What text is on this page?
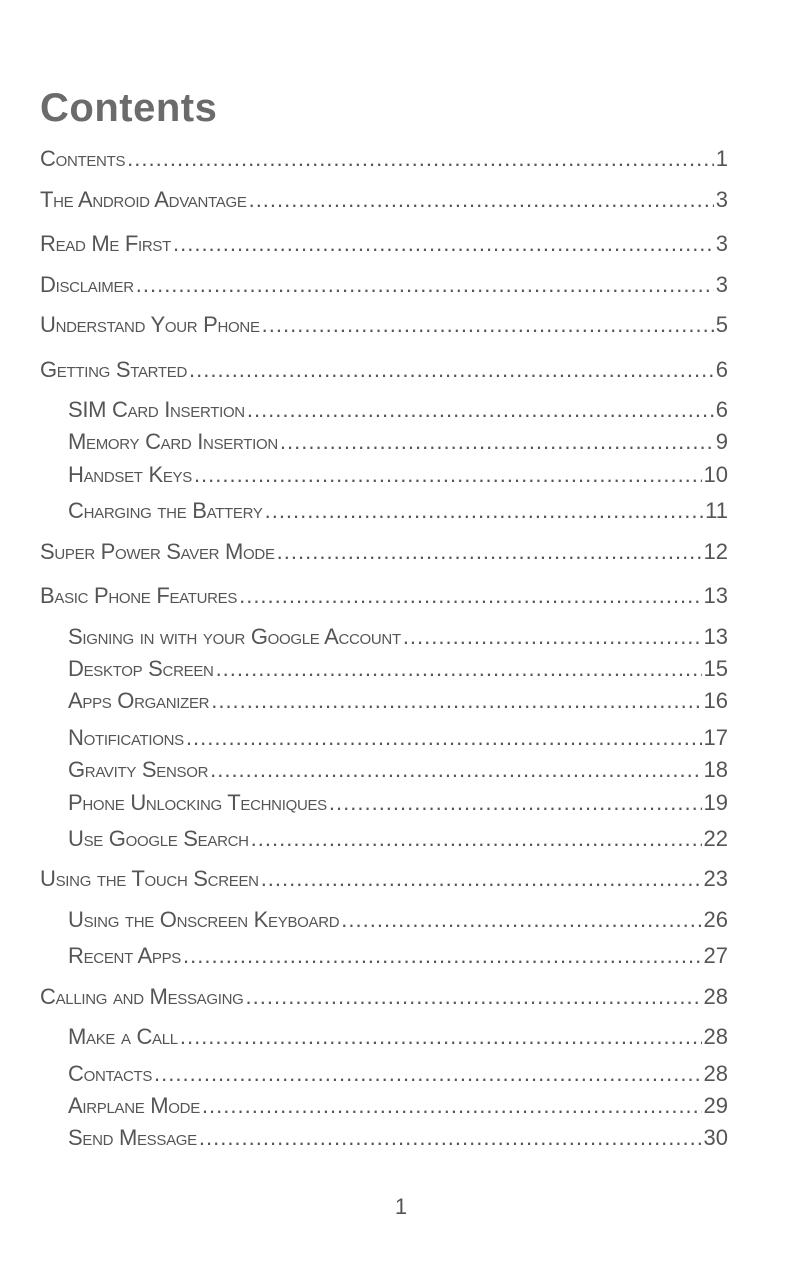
Contents
Contents .....	1
The Android Advantage .....	3
Read Me First .....	3
Disclaimer .....	3
Understand Your Phone .....	5
Getting Started .....	6
SIM Card Insertion .....	6
Memory Card Insertion .....	9
Handset Keys .....	10
Charging the Battery .....	11
Super Power Saver Mode .....	12
Basic Phone Features .....	13
Signing in with your Google Account .....	13
Desktop Screen .....	15
Apps Organizer .....	16
Notifications .....	17
Gravity Sensor .....	18
Phone Unlocking Techniques .....	19
Use Google Search .....	22
Using the Touch Screen .....	23
Using the Onscreen Keyboard .....	26
Recent Apps .....	27
Calling and Messaging .....	28
Make a Call .....	28
Contacts .....	28
Airplane Mode .....	29
Send Message .....	30
1
